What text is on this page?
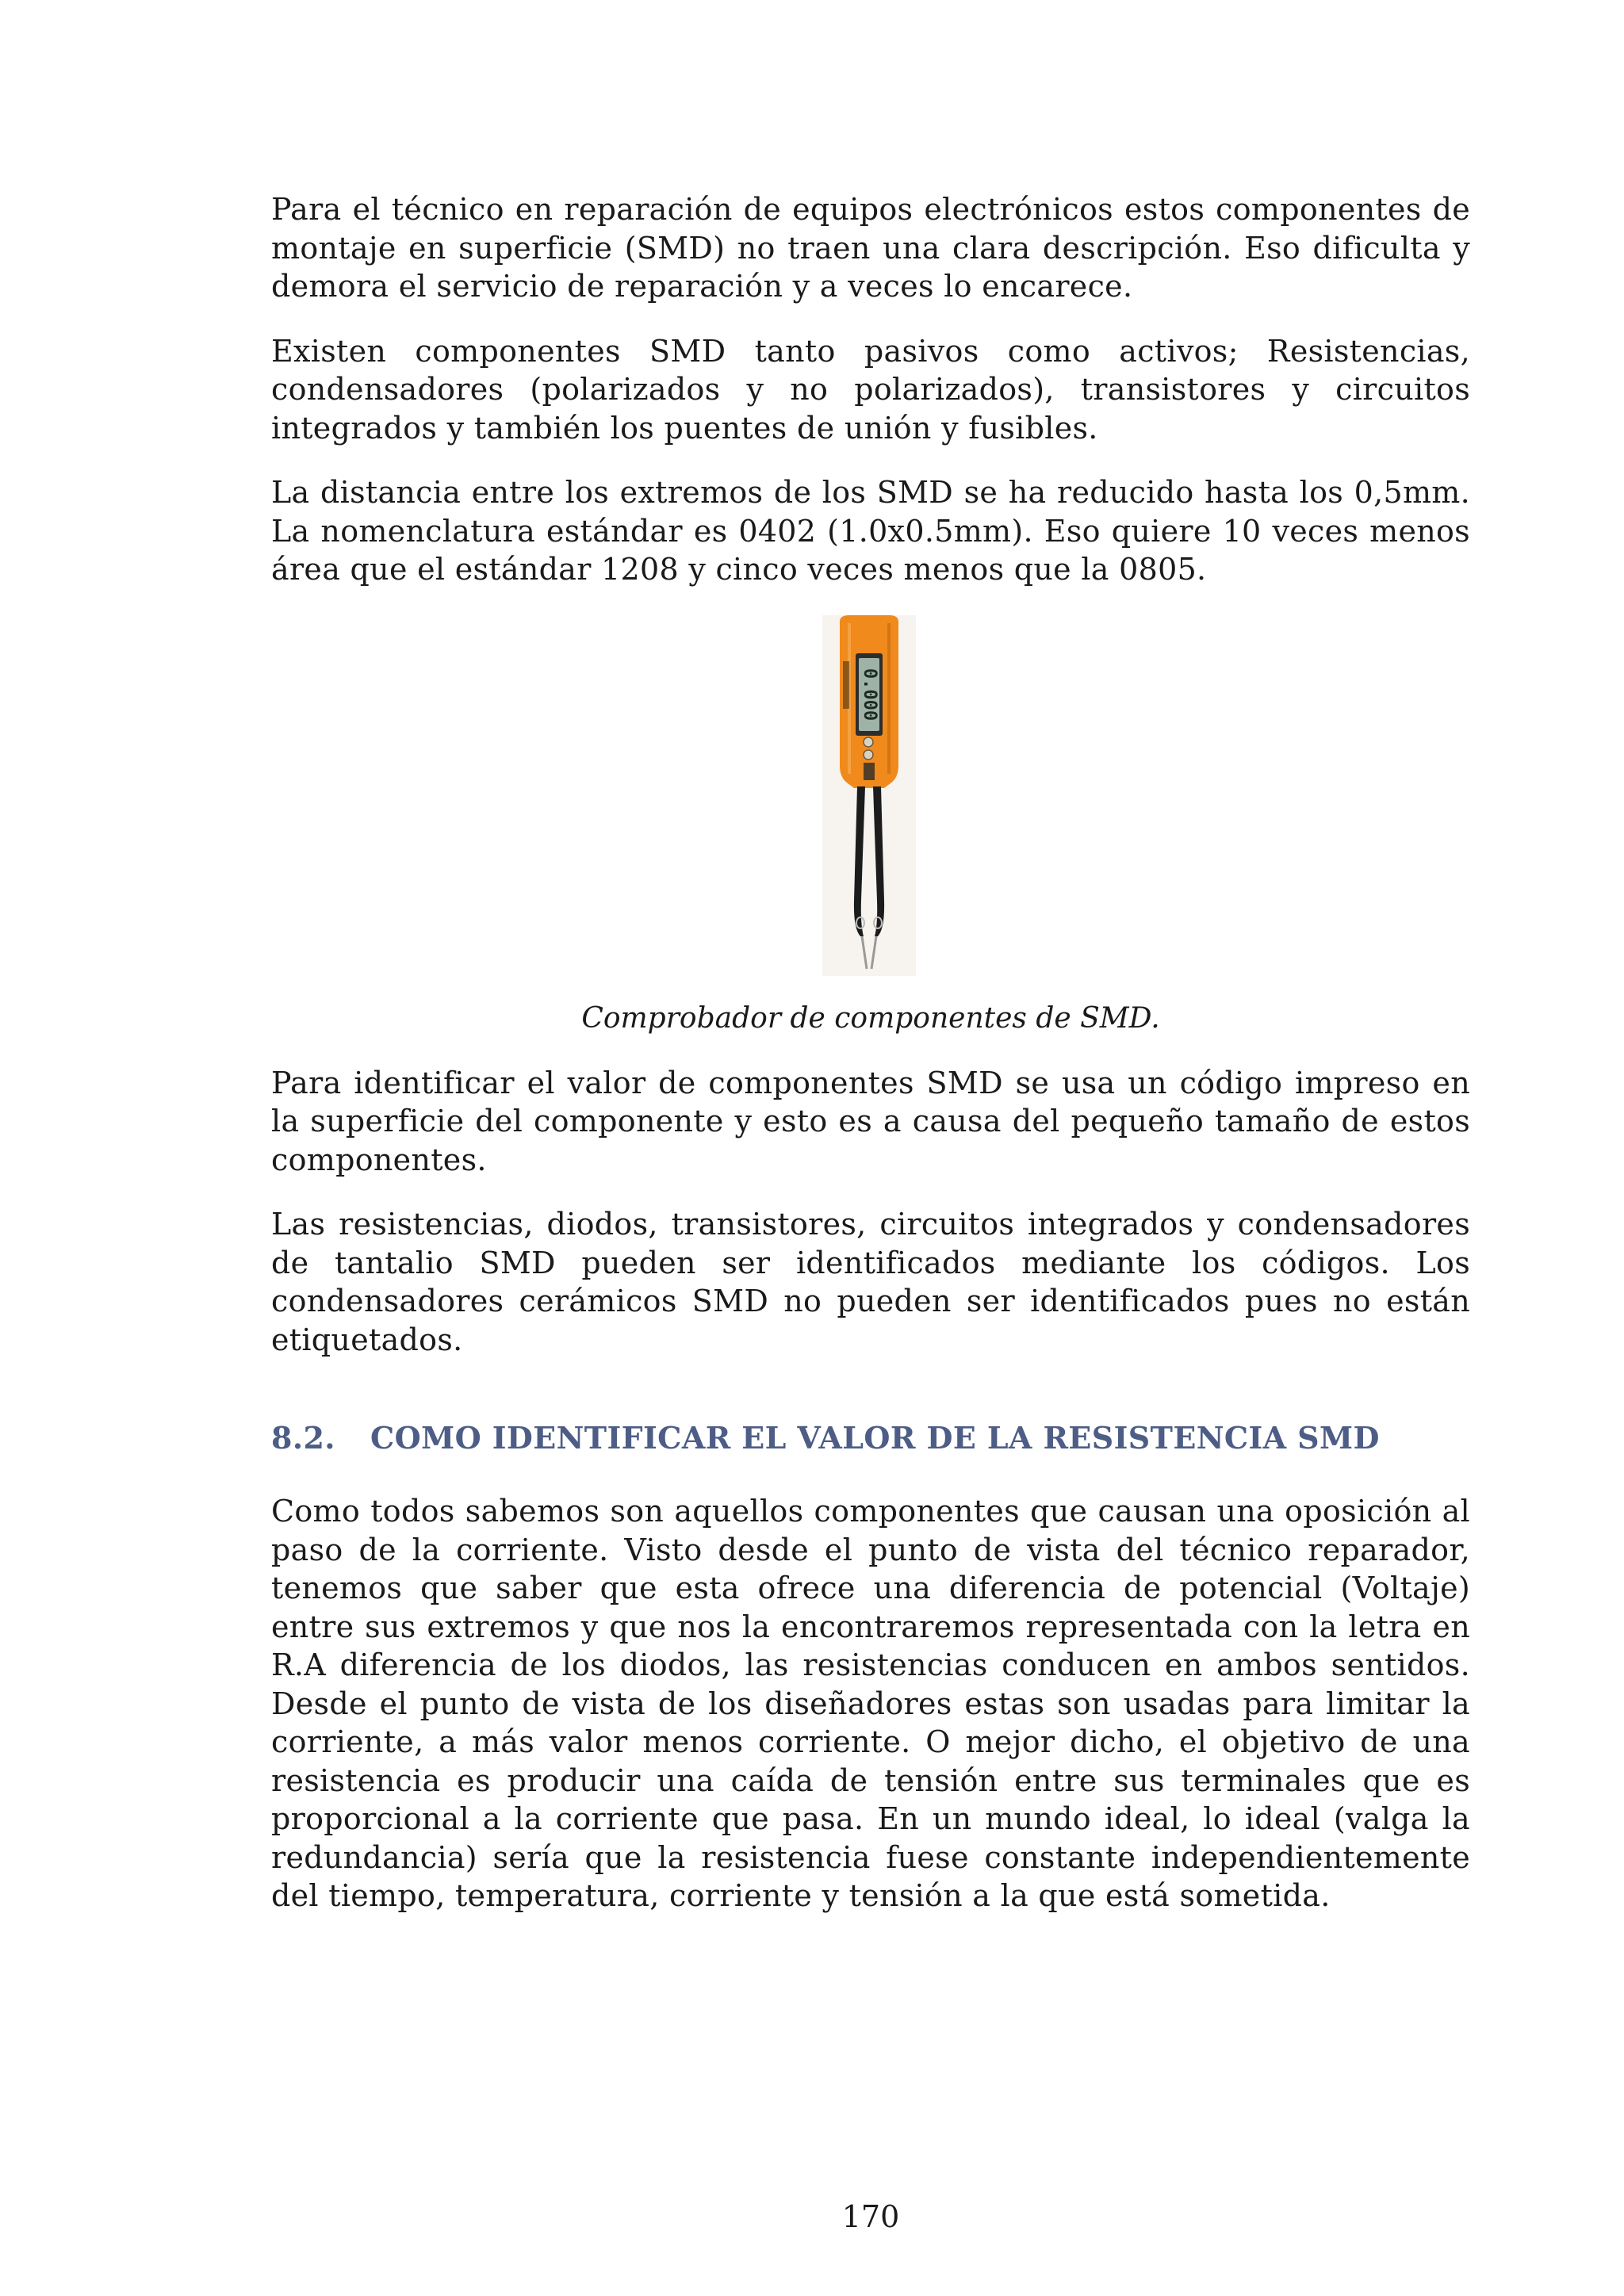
Para el técnico en reparación de equipos electrónicos estos componentes de montaje en superficie (SMD) no traen una clara descripción. Eso dificulta y demora el servicio de reparación y a veces lo encarece.

Existen componentes SMD tanto pasivos como activos; Resistencias, condensadores (polarizados y no polarizados), transistores y circuitos integrados y también los puentes de unión y fusibles.

La distancia entre los extremos de los SMD se ha reducido hasta los 0,5mm. La nomenclatura estándar es 0402 (1.0x0.5mm). Eso quiere 10 veces menos área que el estándar 1208 y cinco veces menos que la 0805.

0.000
Comprobador de componentes de SMD.

Para identificar el valor de componentes SMD se usa un código impreso en la superficie del componente y esto es a causa del pequeño tamaño de estos componentes.

Las resistencias, diodos, transistores, circuitos integrados y condensadores de tantalio SMD pueden ser identificados mediante los códigos. Los condensadores cerámicos SMD no pueden ser identificados pues no están etiquetados.

8.2.	COMO IDENTIFICAR EL VALOR DE LA RESISTENCIA SMD

Como todos sabemos son aquellos componentes que causan una oposición al paso de la corriente. Visto desde el punto de vista del técnico reparador, tenemos que saber que esta ofrece una diferencia de potencial (Voltaje) entre sus extremos y que nos la encontraremos representada con la letra en R.A diferencia de los diodos, las resistencias conducen en ambos sentidos. Desde el punto de vista de los diseñadores estas son usadas para limitar la corriente, a más valor menos corriente. O mejor dicho, el objetivo de una resistencia es producir una caída de tensión entre sus terminales que es proporcional a la corriente que pasa. En un mundo ideal, lo ideal (valga la redundancia) sería que la resistencia fuese constante independientemente del tiempo, temperatura, corriente y tensión a la que está sometida.

170
